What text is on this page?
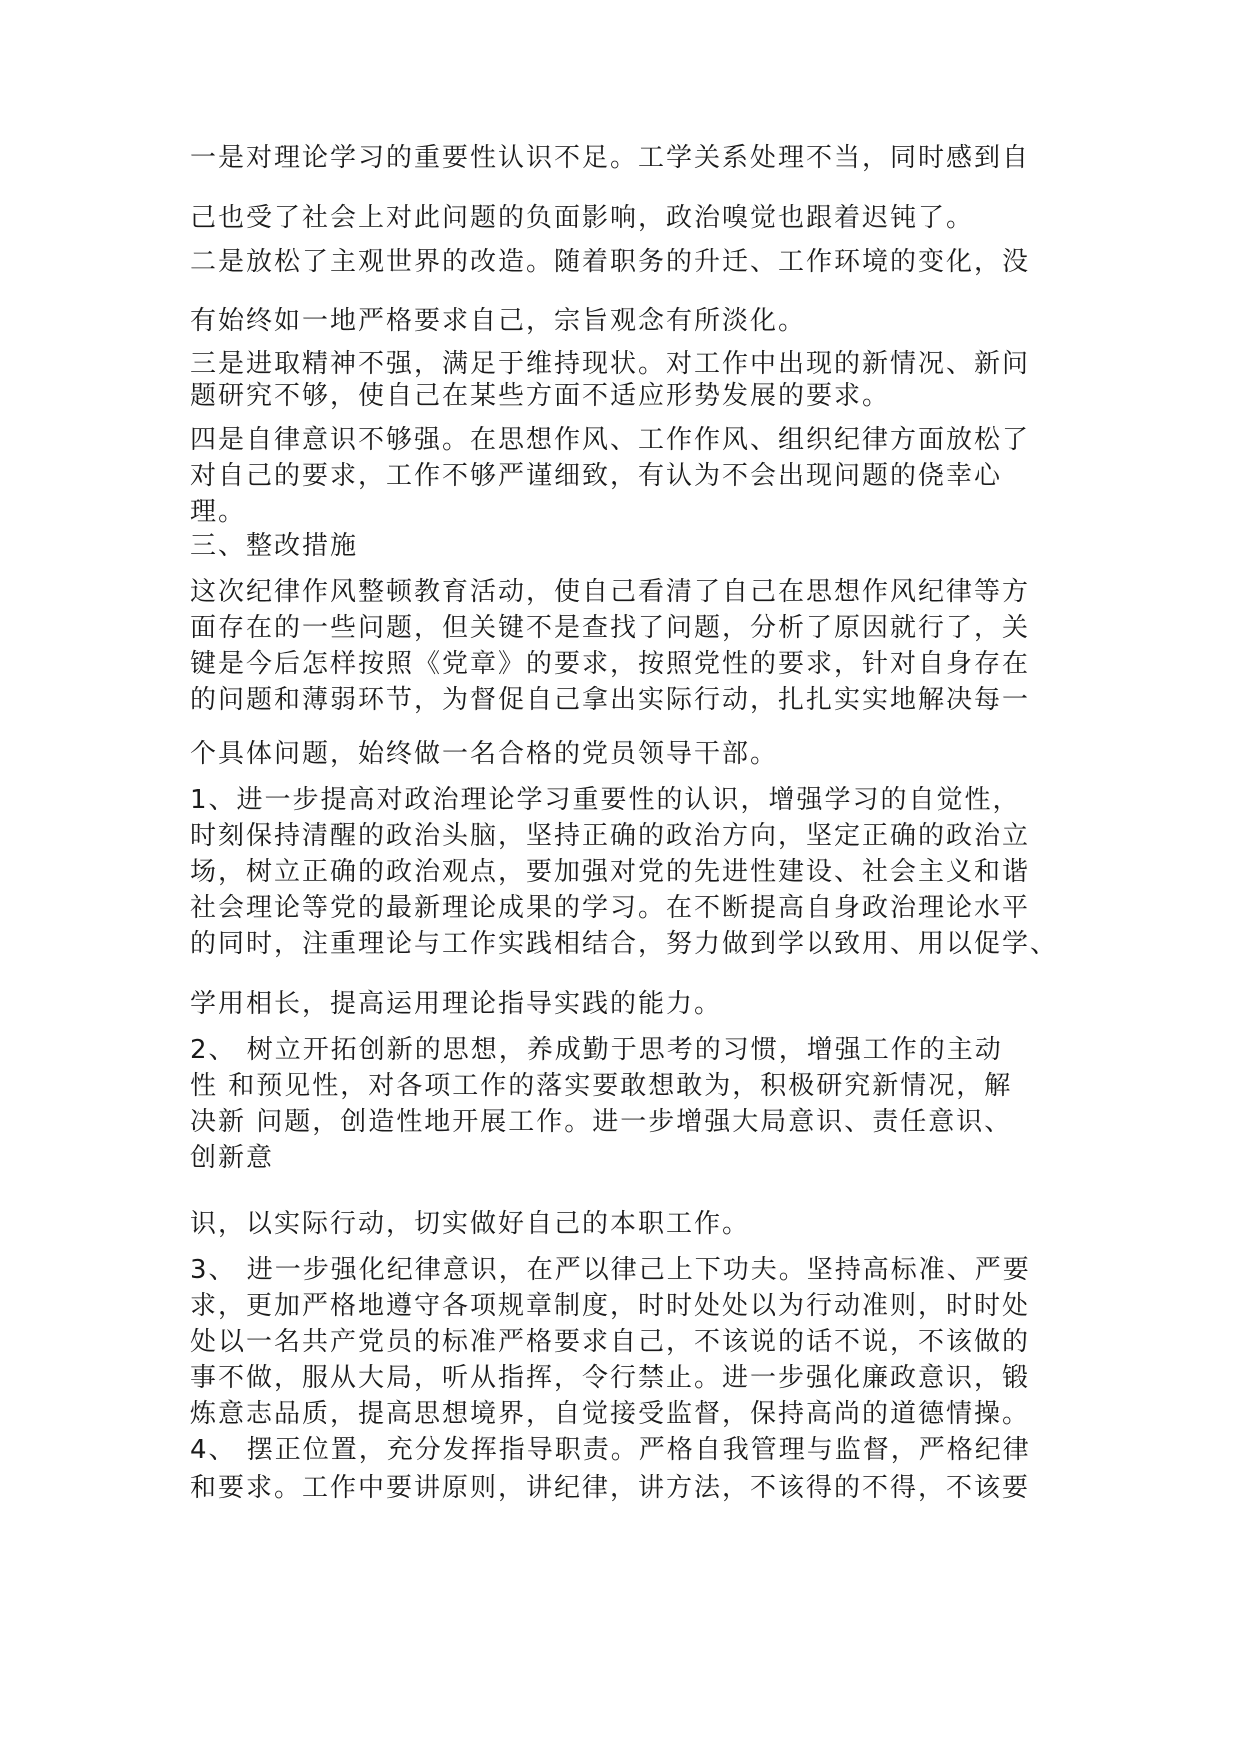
一是对理论学习的重要性认识不足。工学关系处理不当，同时感到自
己也受了社会上对此问题的负面影响，政治嗅觉也跟着迟钝了。
二是放松了主观世界的改造。随着职务的升迁、工作环境的变化，没
有始终如一地严格要求自己，宗旨观念有所淡化。
三是进取精神不强，满足于维持现状。对工作中出现的新情况、新问
题研究不够，使自己在某些方面不适应形势发展的要求。
四是自律意识不够强。在思想作风、工作作风、组织纪律方面放松了
对自己的要求，工作不够严谨细致，有认为不会出现问题的侥幸心
理。
三、整改措施
这次纪律作风整顿教育活动，使自己看清了自己在思想作风纪律等方
面存在的一些问题，但关键不是查找了问题，分析了原因就行了，关
键是今后怎样按照《党章》的要求，按照党性的要求，针对自身存在
的问题和薄弱环节，为督促自己拿出实际行动，扎扎实实地解决每一
个具体问题，始终做一名合格的党员领导干部。
1、进一步提高对政治理论学习重要性的认识，增强学习的自觉性，
时刻保持清醒的政治头脑，坚持正确的政治方向，坚定正确的政治立
场，树立正确的政治观点，要加强对党的先进性建设、社会主义和谐
社会理论等党的最新理论成果的学习。在不断提高自身政治理论水平
的同时，注重理论与工作实践相结合，努力做到学以致用、用以促学、
学用相长，提高运用理论指导实践的能力。
2、 树立开拓创新的思想，养成勤于思考的习惯，增强工作的主动
性 和预见性，对各项工作的落实要敢想敢为，积极研究新情况，解
决新 问题，创造性地开展工作。进一步增强大局意识、责任意识、
创新意
识，以实际行动，切实做好自己的本职工作。
3、 进一步强化纪律意识，在严以律己上下功夫。坚持高标准、严要
求，更加严格地遵守各项规章制度，时时处处以为行动准则，时时处
处以一名共产党员的标准严格要求自己，不该说的话不说，不该做的
事不做，服从大局，听从指挥，令行禁止。进一步强化廉政意识，锻
炼意志品质，提高思想境界，自觉接受监督，保持高尚的道德情操。
4、 摆正位置，充分发挥指导职责。严格自我管理与监督，严格纪律
和要求。工作中要讲原则，讲纪律，讲方法，不该得的不得，不该要
